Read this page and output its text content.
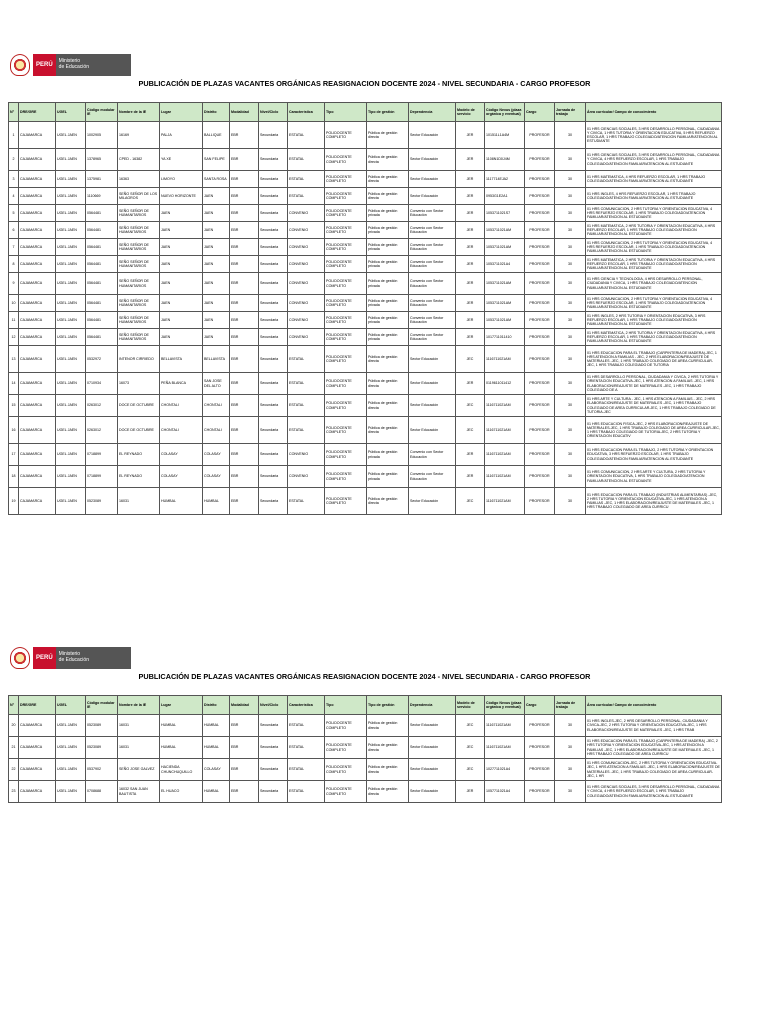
PERÚ
Ministerio
de Educación
PUBLICACIÓN DE PLAZAS VACANTES ORGÁNICAS REASIGNACION DOCENTE 2024 - NIVEL SECUNDARIA - CARGO PROFESOR
N°	DRE/GRE	UGEL	Código modular IE	Nombre de la IE	Lugar	Distrito	Modalidad	Nivel/Ciclo	Característica	Tipo	Tipo de gestión	Dependencia	Modelo de servicio	Código Nexus (plaza orgánica y eventual)	Cargo	Jornada de trabajo	Área curricular/ Campo de conocimiento
1	CAJAMARCA	UGEL JAEN	1002905	16169	PALJA	BALLIQUE	EBR	Secundaria	ESTATAL	POLIDOCENTE COMPLETO	Pública de gestión directa	Sector Educación	JER	101511L1A4M	PROFESOR	30	01 HRS CIENCIAS SOCIALES, 3 HRS DESARROLLO PERSONAL, CIUDADANIA Y CIVICA, 1 HRS TUTORIA Y ORIENTACION EDUCATIVA, 5 HRS REFUERZO ESCOLAR, 1 HRS TRABAJO COLEGIADO/ATENCION FAMILIAR/ATENCION AL ESTUDIANTE
2	CAJAMARCA	UGEL JAEN	1378965	CPED - 16382	YA XE	SAN FELIPE	EBR	Secundaria	ESTATAL	POLIDOCENTE COMPLETO	Pública de gestión directa	Sector Educación	JER	1108N1D0J4M	PROFESOR	30	01 HRS CIENCIAS SOCIALES, 3 HRS DESARROLLO PERSONAL, CIUDADANIA Y CIVICA, 4 HRS REFUERZO ESCOLAR, 1 HRS TRABAJO COLEGIADO/ATENCION FAMILIAR/ATENCION AL ESTUDIANTE
3	CAJAMARCA	UGEL JAEN	1375981	16363	LIMOYO	SANTA ROSA	EBR	Secundaria	ESTATAL	POLIDOCENTE COMPLETO	Pública de gestión directa	Sector Educación	JER	1117714EJA2	PROFESOR	30	01 HRS MATEMATICA, 4 HRS REFUERZO ESCOLAR, 1 HRS TRABAJO COLEGIADO/ATENCION FAMILIAR/ATENCION AL ESTUDIANTE
4	CAJAMARCA	UGEL JAEN	1110669	SEÑO SEÑOR DE LOS MILAGROS	NUEVO HORIZONTE	JAEN	EBR	Secundaria	ESTATAL	POLIDOCENTE COMPLETO	Pública de gestión directa	Sector Educación	JER	0953G1E2A1	PROFESOR	30	01 HRS INGLES, 4 HRS REFUERZO ESCOLAR, 1 HRS TRABAJO COLEGIADO/ATENCION FAMILIAR/ATENCION AL ESTUDIANTE
5	CAJAMARCA	UGEL JAEN	0564481	SEÑO SEÑOR DE HUMANITARIOS	JAEN	JAEN	EBR	Secundaria	CONVENIO	POLIDOCENTE COMPLETO	Pública de gestión privada	Convenio con Sector Educación	JER	1053711021S7	PROFESOR	30	01 HRS COMUNICACION, 2 HRS TUTORIA Y ORIENTACION EDUCATIVA, 4 HRS REFUERZO ESCOLAR, 1 HRS TRABAJO COLEGIADO/ATENCION FAMILIAR/ATENCION AL ESTUDIANTE
6	CAJAMARCA	UGEL JAEN	0564481	SEÑO SEÑOR DE HUMANITARIOS	JAEN	JAEN	EBR	Secundaria	CONVENIO	POLIDOCENTE COMPLETO	Pública de gestión privada	Convenio con Sector Educación	JER	1053711021AM	PROFESOR	30	01 HRS MATEMATICA, 2 HRS TUTORIA Y ORIENTACION EDUCATIVA, 4 HRS REFUERZO ESCOLAR, 1 HRS TRABAJO COLEGIADO/ATENCION FAMILIAR/ATENCION AL ESTUDIANTE
7	CAJAMARCA	UGEL JAEN	0564481	SEÑO SEÑOR DE HUMANITARIOS	JAEN	JAEN	EBR	Secundaria	CONVENIO	POLIDOCENTE COMPLETO	Pública de gestión privada	Convenio con Sector Educación	JER	1053711021AM	PROFESOR	30	01 HRS COMUNICACION, 2 HRS TUTORIA Y ORIENTACION EDUCATIVA, 4 HRS REFUERZO ESCOLAR, 1 HRS TRABAJO COLEGIADO/ATENCION FAMILIAR/ATENCION AL ESTUDIANTE
8	CAJAMARCA	UGEL JAEN	0564481	SEÑO SEÑOR DE HUMANITARIOS	JAEN	JAEN	EBR	Secundaria	CONVENIO	POLIDOCENTE COMPLETO	Pública de gestión privada	Convenio con Sector Educación	JER	1053711021A4	PROFESOR	30	01 HRS MATEMATICA, 2 HRS TUTORIA Y ORIENTACION EDUCATIVA, 4 HRS REFUERZO ESCOLAR, 1 HRS TRABAJO COLEGIADO/ATENCION FAMILIAR/ATENCION AL ESTUDIANTE
9	CAJAMARCA	UGEL JAEN	0564481	SEÑO SEÑOR DE HUMANITARIOS	JAEN	JAEN	EBR	Secundaria	CONVENIO	POLIDOCENTE COMPLETO	Pública de gestión privada	Convenio con Sector Educación	JER	1053711021AM	PROFESOR	30	01 HRS CIENCIA Y TECNOLOGIA, 4 HRS DESARROLLO PERSONAL, CIUDADANIA Y CIVICA, 1 HRS TRABAJO COLEGIADO/ATENCION FAMILIAR/ATENCION AL ESTUDIANTE
10	CAJAMARCA	UGEL JAEN	0564481	SEÑO SEÑOR DE HUMANITARIOS	JAEN	JAEN	EBR	Secundaria	CONVENIO	POLIDOCENTE COMPLETO	Pública de gestión privada	Convenio con Sector Educación	JER	1053711021AM	PROFESOR	30	01 HRS COMUNICACION, 2 HRS TUTORIA Y ORIENTACION EDUCATIVA, 4 HRS REFUERZO ESCOLAR, 1 HRS TRABAJO COLEGIADO/ATENCION FAMILIAR/ATENCION AL ESTUDIANTE
11	CAJAMARCA	UGEL JAEN	0564481	SEÑO SEÑOR DE HUMANITARIOS	JAEN	JAEN	EBR	Secundaria	CONVENIO	POLIDOCENTE COMPLETO	Pública de gestión privada	Convenio con Sector Educación	JER	1053711021AM	PROFESOR	30	01 HRS INGLES, 2 HRS TUTORIA Y ORIENTACION EDUCATIVA, 3 HRS REFUERZO ESCOLAR, 1 HRS TRABAJO COLEGIADO/ATENCION FAMILIAR/ATENCION AL ESTUDIANTE
12	CAJAMARCA	UGEL JAEN	0564481	SEÑO SEÑOR DE HUMANITARIOS	JAEN	JAEN	EBR	Secundaria	CONVENIO	POLIDOCENTE COMPLETO	Pública de gestión privada	Convenio con Sector Educación	JER	1017711011410	PROFESOR	30	01 HRS MATEMATICA, 2 HRS TUTORIA Y ORIENTACION EDUCATIVA, 4 HRS REFUERZO ESCOLAR, 1 HRS TRABAJO COLEGIADO/ATENCION FAMILIAR/ATENCION AL ESTUDIANTE
13	CAJAMARCA	UGEL JAEN	0532972	INTENOR CIRRIEDO	BELLAVISTA	BELLAVISTA	EBR	Secundaria	ESTATAL	POLIDOCENTE COMPLETO	Pública de gestión directa	Sector Educación	JEC	1116711021AM	PROFESOR	30	01 HRS EDUCACION PARA EL TRABAJO (CARPINTERIA DE MADERA)-JEC, 1 HRS ATENCION A FAMILIAS - JEC, 2 HRS ELABORACION/REAJUSTE DE MATERIALES -JEC, 1 HRS TRABAJO COLEGIADO DE AREA CURRICULAR-JEC, 1 HRS TRABAJO COLEGIADO DE TUTORIA
14	CAJAMARCA	UGEL JAEN	0710934	16073	PEÑA BLANCA	SAN JOSE DEL ALTO	EBR	Secundaria	ESTATAL	POLIDOCENTE COMPLETO	Pública de gestión directa	Sector Educación	JER	0119611011412	PROFESOR	30	01 HRS DESARROLLO PERSONAL, CIUDADANIA Y CIVICA, 2 HRS TUTORIA Y ORIENTACION EDUCATIVA-JEC, 1 HRS ATENCION A FAMILIAS -JEC, 1 HRS ELABORACION/REAJUSTE DE MATERIALES -JEC, 1 HRS TRABAJO COLEGIADO DE A
15	CAJAMARCA	UGEL JAEN	0263012	DOCE DE OCTUBRE	CHONTALI	CHONTALI	EBR	Secundaria	ESTATAL	POLIDOCENTE COMPLETO	Pública de gestión directa	Sector Educación	JEC	1116711021AM	PROFESOR	30	01 HRS ARTE Y CULTURA - JEC, 1 HRS ATENCION A FAMILIAS - JEC, 2 HRS ELABORACION/REAJUSTE DE MATERIALES -JEC, 1 HRS TRABAJO COLEGIADO DE AREA CURRICULAR-JEC, 1 HRS TRABAJO COLEGIADO DE TUTORIA-JEC
16	CAJAMARCA	UGEL JAEN	0263012	DOCE DE OCTUBRE	CHONTALI	CHONTALI	EBR	Secundaria	ESTATAL	POLIDOCENTE COMPLETO	Pública de gestión directa	Sector Educación	JEC	1116711021AM	PROFESOR	30	01 HRS EDUCACION FISICA-JEC, 2 HRS ELABORACION/REAJUSTE DE MATERIALES-JEC, 1 HRS TRABAJO COLEGIADO DE AREA CURRICULAR-JEC, 1 HRS TRABAJO COLEGIADO DE TUTORIA-JEC, 2 HRS TUTORIA Y ORIENTACION EDUCATIV
17	CAJAMARCA	UGEL JAEN	0718899	EL REYNADO	COLASAY	COLASAY	EBR	Secundaria	CONVENIO	POLIDOCENTE COMPLETO	Pública de gestión privada	Convenio con Sector Educación	JER	1116711021AM	PROFESOR	30	01 HRS EDUCACION PARA EL TRABAJO, 2 HRS TUTORIA Y ORIENTACION EDUCATIVA, 3 HRS REFUERZO ESCOLAR, 1 HRS TRABAJO COLEGIADO/ATENCION FAMILIAR/ATENCION AL ESTUDIANTE
18	CAJAMARCA	UGEL JAEN	0718899	EL REYNADO	COLASAY	COLASAY	EBR	Secundaria	CONVENIO	POLIDOCENTE COMPLETO	Pública de gestión privada	Convenio con Sector Educación	JER	1116711021AM	PROFESOR	30	01 HRS COMUNICACION, 2 HRS ARTE Y CULTURA, 2 HRS TUTORIA Y ORIENTACION EDUCATIVA, 1 HRS TRABAJO COLEGIADO/ATENCION FAMILIAR/ATENCION AL ESTUDIANTE
19	CAJAMARCA	UGEL JAEN	0523089	16031	HUMBAL	HUMBAL	EBR	Secundaria	ESTATAL	POLIDOCENTE COMPLETO	Pública de gestión directa	Sector Educación	JEC	1116711021AM	PROFESOR	30	01 HRS EDUCACION PARA EL TRABAJO (INDUSTRIAS ALIMENTARIAS) -JEC, 2 HRS TUTORIA Y ORIENTACION EDUCATIVA-JEC, 1 HRS ATENCION A FAMILIAS -JEC, 1 HRS ELABORACION/REAJUSTE DE MATERIALES -JEC, 1 HRS TRABAJO COLEGIADO DE AREA CURRICU
PERÚ
Ministerio
de Educación
PUBLICACIÓN DE PLAZAS VACANTES ORGÁNICAS REASIGNACION DOCENTE 2024 - NIVEL SECUNDARIA - CARGO PROFESOR
N°	DRE/GRE	UGEL	Código modular IE	Nombre de la IE	Lugar	Distrito	Modalidad	Nivel/Ciclo	Característica	Tipo	Tipo de gestión	Dependencia	Modelo de servicio	Código Nexus (plaza orgánica y eventual)	Cargo	Jornada de trabajo	Área curricular/ Campo de conocimiento
20	CAJAMARCA	UGEL JAEN	0523089	16031	HUMBAL	HUMBAL	EBR	Secundaria	ESTATAL	POLIDOCENTE COMPLETO	Pública de gestión directa	Sector Educación	JEC	1116711021AM	PROFESOR	30	01 HRS INGLES-JEC, 2 HRS DESARROLLO PERSONAL, CIUDADANIA Y CIVICA-JEC, 2 HRS TUTORIA Y ORIENTACION EDUCATIVA-JEC, 1 HRS ELABORACION/REAJUSTE DE MATERIALES -JEC, 1 HRS TRAB
21	CAJAMARCA	UGEL JAEN	0523089	16031	HUMBAL	HUMBAL	EBR	Secundaria	ESTATAL	POLIDOCENTE COMPLETO	Pública de gestión directa	Sector Educación	JEC	1116711021AM	PROFESOR	30	01 HRS EDUCACION PARA EL TRABAJO (CARPINTERIA DE MADERA) -JEC, 2 HRS TUTORIA Y ORIENTACION EDUCATIVA-JEC, 1 HRS ATENCION A FAMILIAS -JEC, 1 HRS ELABORACION/REAJUSTE DE MATERIALES -JEC, 1 HRS TRABAJO COLEGIADO DE AREA CURRICU
22	CAJAMARCA	UGEL JAEN	0537902	SEÑO JOSE GALVEZ	HACIENDA CHUNCHUQUILLO	COLASAY	EBR	Secundaria	ESTATAL	POLIDOCENTE COMPLETO	Pública de gestión directa	Sector Educación	JEC	1027711021A4	PROFESOR	30	01 HRS COMUNICACION-JEC, 2 HRS TUTORIA Y ORIENTACION EDUCATIVA-JEC, 1 HRS ATENCION A FAMILIAS -JEC, 1 HRS ELABORACION/REAJUSTE DE MATERIALES -JEC, 1 HRS TRABAJO COLEGIADO DE AREA CURRICULAR-JEC, 1 HR
23	CAJAMARCA	UGEL JAEN	0708688	16032 SAN JUAN BAUTISTA	EL HUACO	HUMBAL	EBR	Secundaria	ESTATAL	POLIDOCENTE COMPLETO	Pública de gestión directa	Sector Educación	JER	1057711021A4	PROFESOR	30	01 HRS CIENCIAS SOCIALES, 3 HRS DESARROLLO PERSONAL, CIUDADANIA Y CIVICA, 4 HRS REFUERZO ESCOLAR, 1 HRS TRABAJO COLEGIADO/ATENCION FAMILIAR/ATENCION AL ESTUDIANTE
